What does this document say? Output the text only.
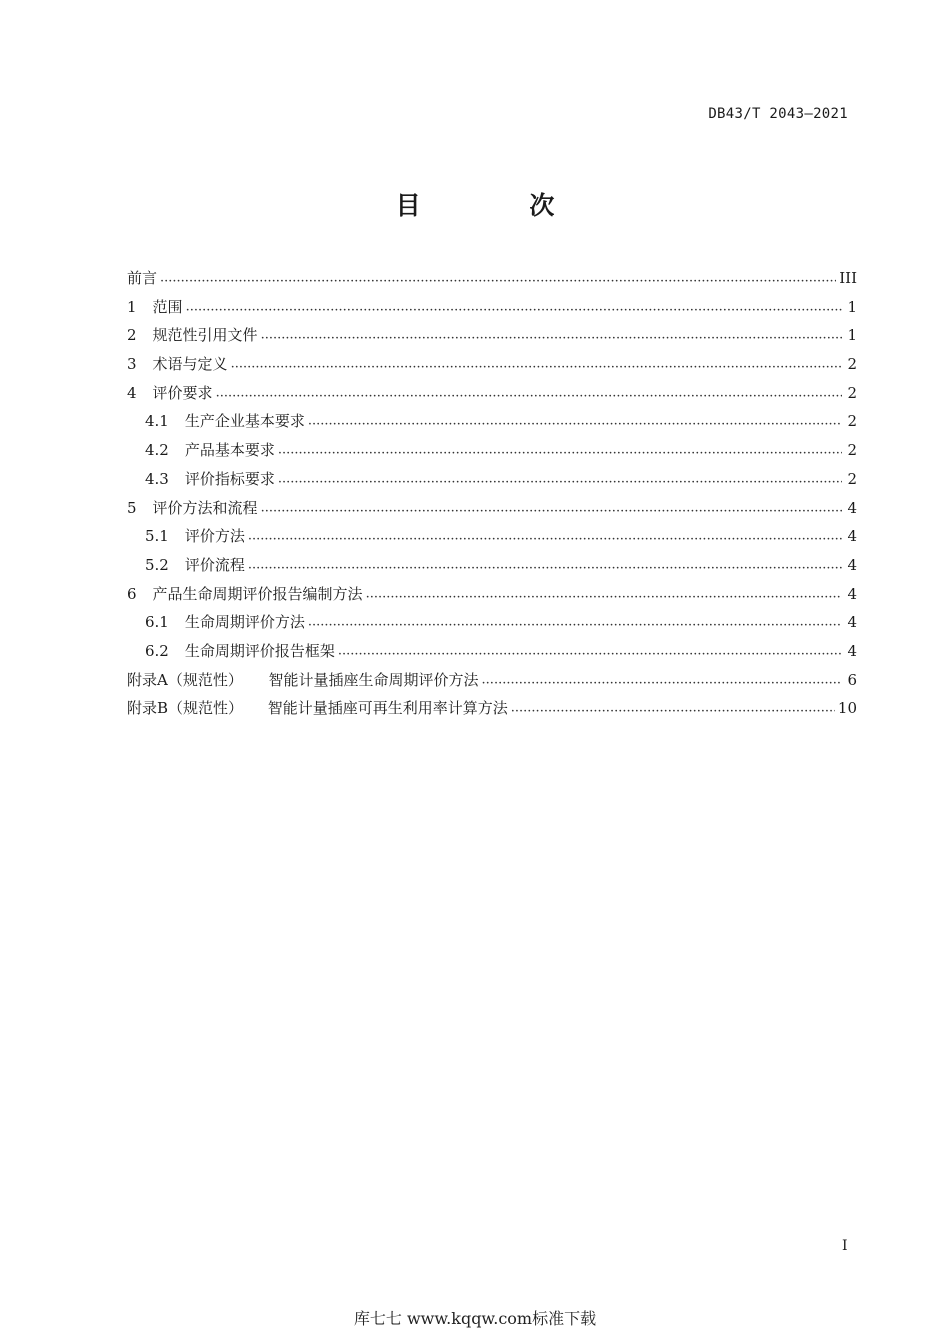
DB43/T 2043—2021
目 次
前言 ·····	III
1 范围 ·····	1
2 规范性引用文件 ·····	1
3 术语与定义 ·····	2
4 评价要求 ·····	2
4.1 生产企业基本要求 ·····	2
4.2 产品基本要求 ·····	2
4.3 评价指标要求 ·····	2
5 评价方法和流程 ·····	4
5.1 评价方法 ·····	4
5.2 评价流程 ·····	4
6 产品生命周期评价报告编制方法 ·····	4
6.1 生命周期评价方法 ·····	4
6.2 生命周期评价报告框架 ·····	4
附录A（规范性） 智能计量插座生命周期评价方法 ·····	6
附录B（规范性） 智能计量插座可再生利用率计算方法 ·····	10
I
库七七 www.kqqw.com标准下载
